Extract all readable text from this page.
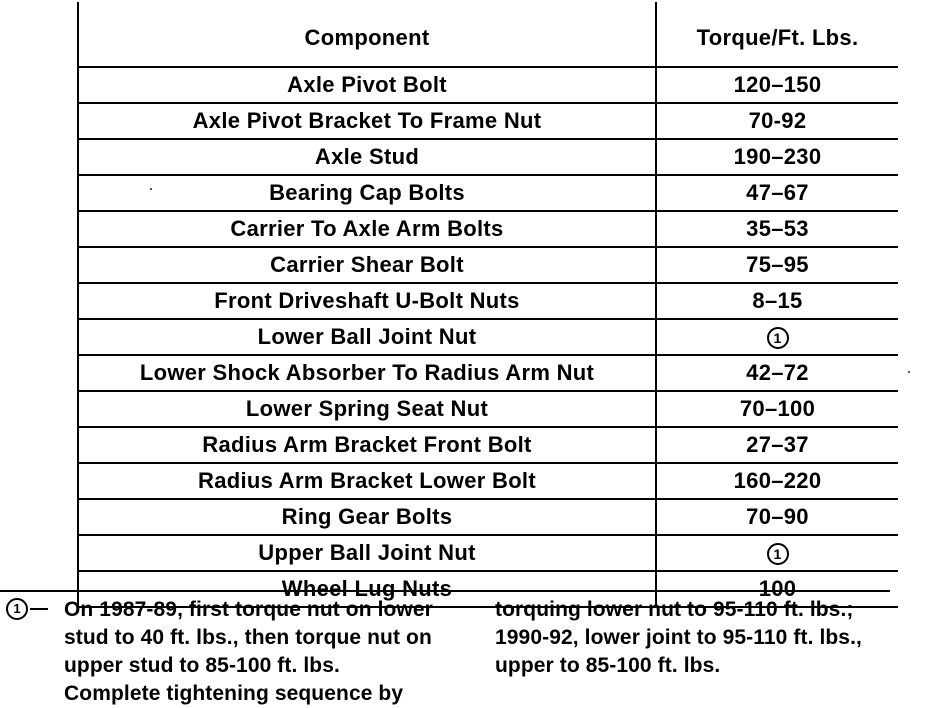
Component	Torque/Ft. Lbs.
Axle Pivot Bolt	120–150
Axle Pivot Bracket To Frame Nut	70-92
Axle Stud	190–230
Bearing Cap Bolts	47–67
Carrier To Axle Arm Bolts	35–53
Carrier Shear Bolt	75–95
Front Driveshaft U-Bolt Nuts	8–15
Lower Ball Joint Nut	1
Lower Shock Absorber To Radius Arm Nut	42–72
Lower Spring Seat Nut	70–100
Radius Arm Bracket Front Bolt	27–37
Radius Arm Bracket Lower Bolt	160–220
Ring Gear Bolts	70–90
Upper Ball Joint Nut	1
Wheel Lug Nuts	100
1	On 1987-89, first torque nut on lower
stud to 40 ft. lbs., then torque nut on
upper stud to 85-100 ft. lbs.
Complete tightening sequence by
torquing lower nut to 95-110 ft. lbs.;
1990-92, lower joint to 95-110 ft. lbs.,
upper to 85-100 ft. lbs.
